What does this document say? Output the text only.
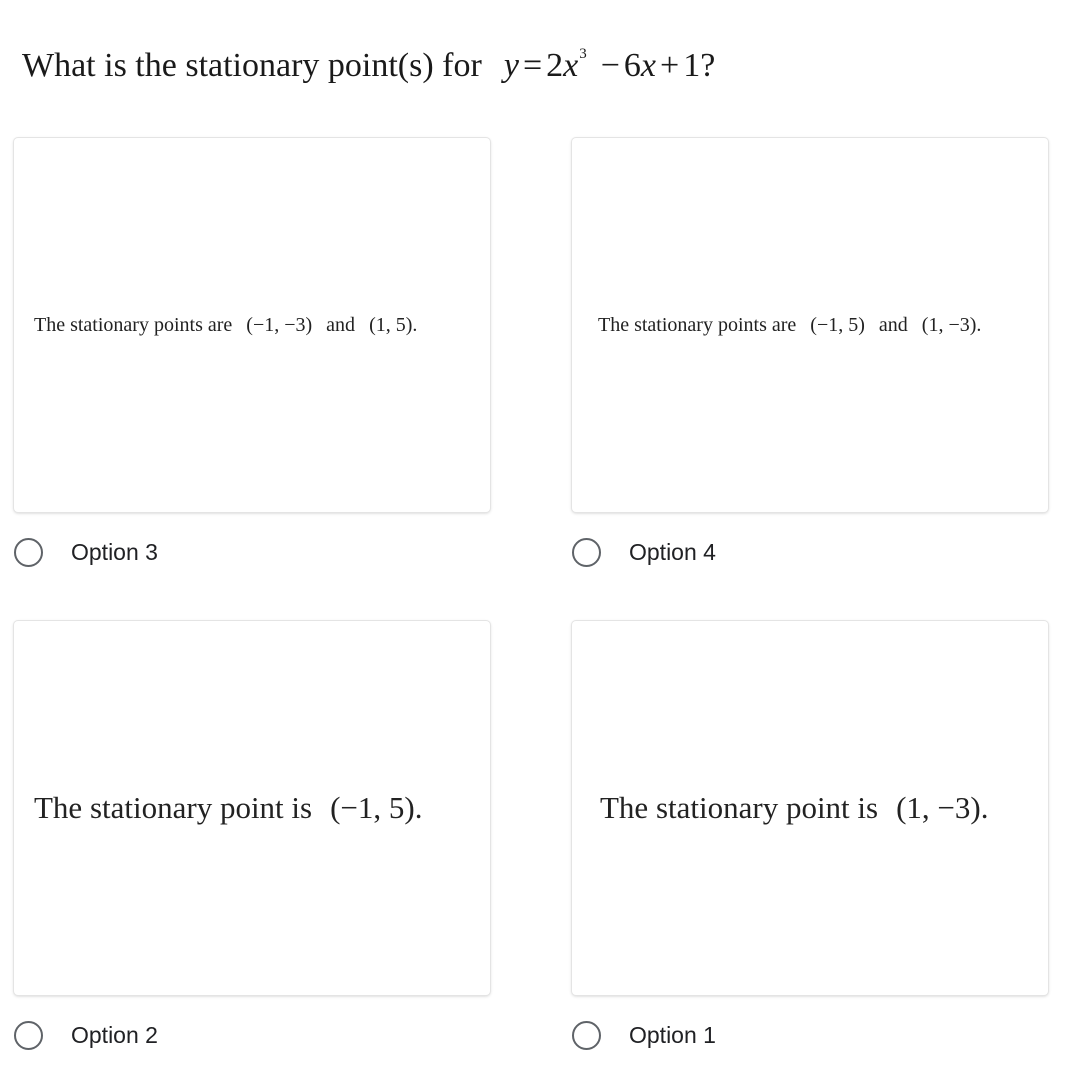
What is the stationary point(s) for $y = 2x^3 - 6x + 1$?
The stationary points are (−1, −3) and (1, 5).
Option 3
The stationary points are (−1, 5) and (1, −3).
Option 4
The stationary point is (−1, 5).
Option 2
The stationary point is (1, −3).
Option 1
